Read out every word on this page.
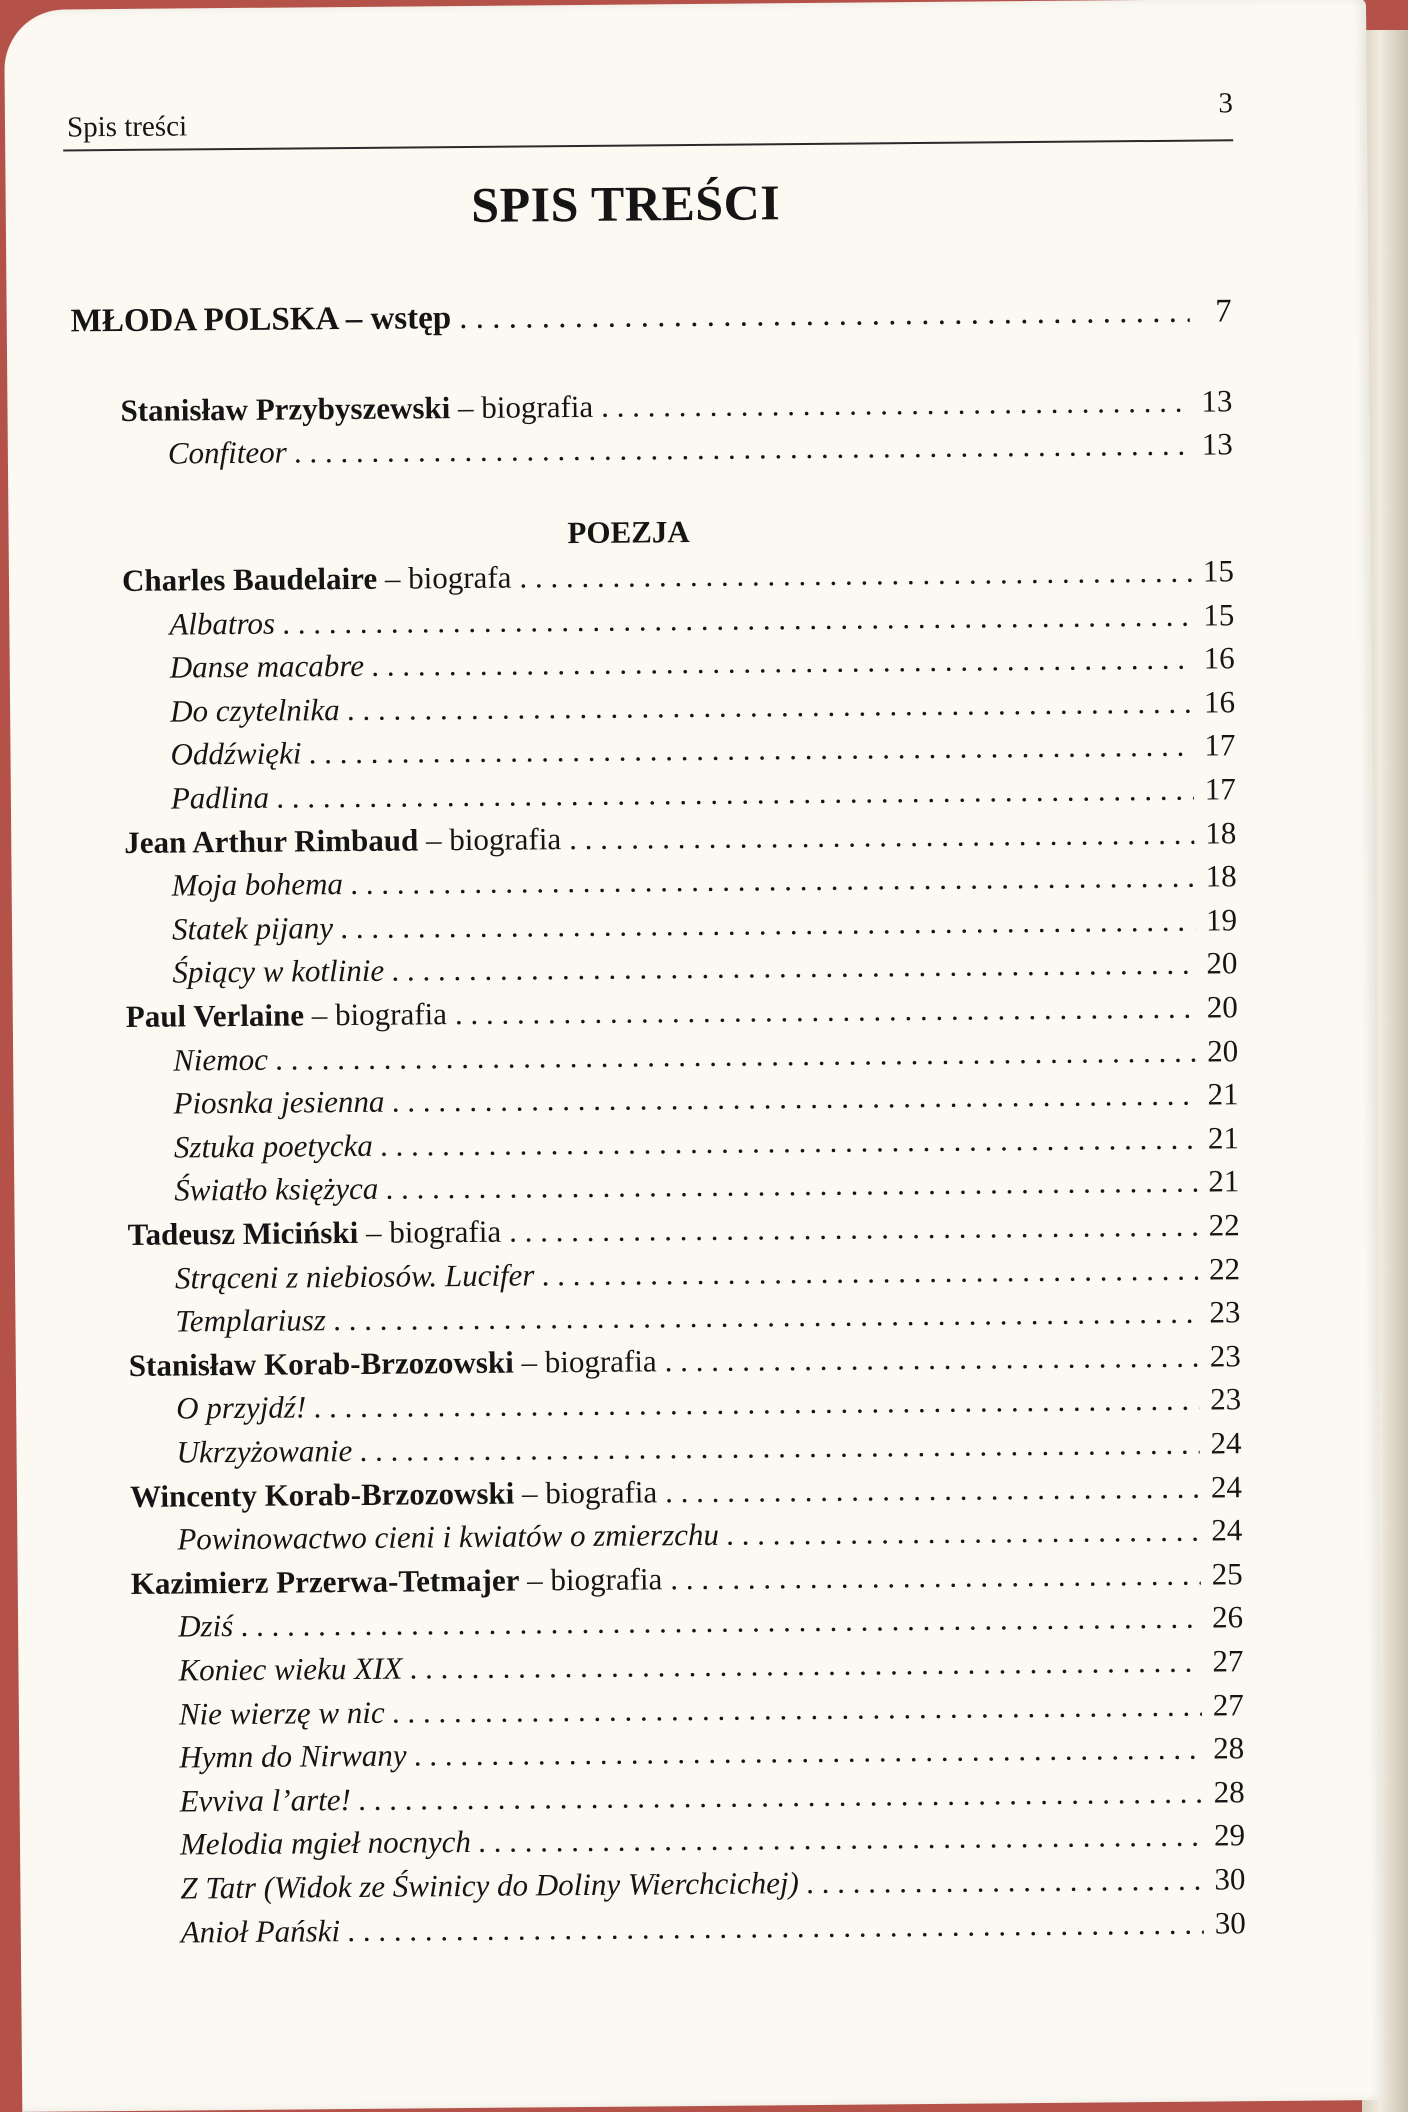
Spis treści
3
SPIS TREŚCI
MŁODA POLSKA – wstęp . . .	7
Stanisław Przybyszewski – biografia . . .	13
Confiteor . . .	13
POEZJA
Charles Baudelaire – biografa . . .	15
Albatros . . .	15
Danse macabre . . .	16
Do czytelnika . . .	16
Oddźwięki . . .	17
Padlina . . .	17
Jean Arthur Rimbaud – biografia . . .	18
Moja bohema . . .	18
Statek pijany . . .	19
Śpiący w kotlinie . . .	20
Paul Verlaine – biografia . . .	20
Niemoc . . .	20
Piosnka jesienna . . .	21
Sztuka poetycka . . .	21
Światło księżyca . . .	21
Tadeusz Miciński – biografia . . .	22
Strąceni z niebiosów. Lucifer . . .	22
Templariusz . . .	23
Stanisław Korab-Brzozowski – biografia . . .	23
O przyjdź! . . .	23
Ukrzyżowanie . . .	24
Wincenty Korab-Brzozowski – biografia . . .	24
Powinowactwo cieni i kwiatów o zmierzchu . . .	24
Kazimierz Przerwa-Tetmajer – biografia . . .	25
Dziś . . .	26
Koniec wieku XIX . . .	27
Nie wierzę w nic . . .	27
Hymn do Nirwany . . .	28
Evviva l’arte! . . .	28
Melodia mgieł nocnych . . .	29
Z Tatr (Widok ze Świnicy do Doliny Wierchcichej) . . .	30
Anioł Pański . . .	30
